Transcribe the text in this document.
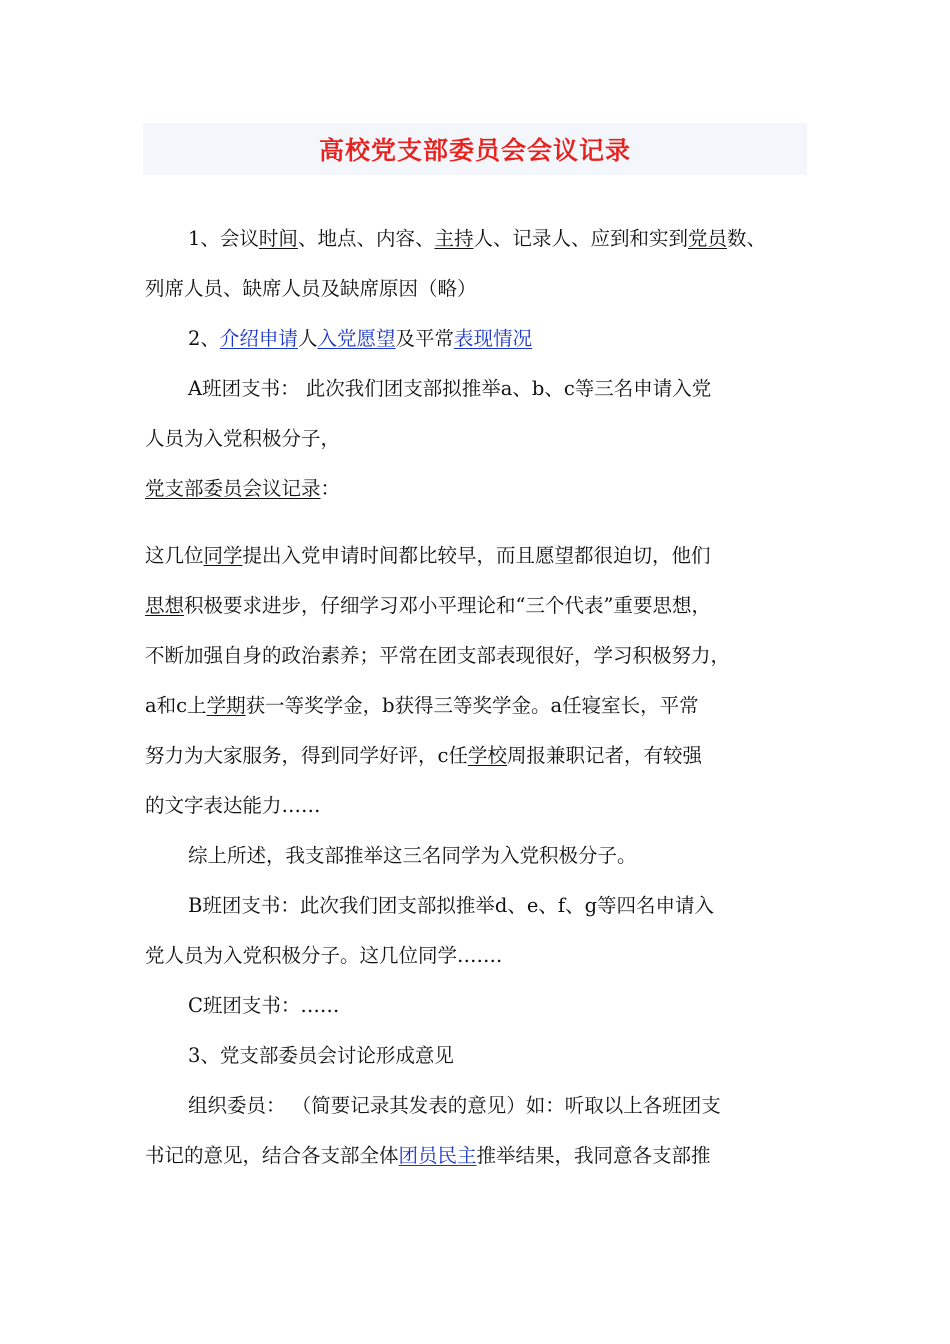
高校党支部委员会会议记录
1、会议时间、地点、内容、主持人、记录人、应到和实到党员数、
列席人员、缺席人员及缺席原因（略）
2、介绍申请人入党愿望及平常表现情况
A班团支书： 此次我们团支部拟推举a、b、c等三名申请入党
人员为入党积极分子，
党支部委员会议记录：
这几位同学提出入党申请时间都比较早，而且愿望都很迫切，他们
思想积极要求进步，仔细学习邓小平理论和“三个代表”重要思想，
不断加强自身的政治素养；平常在团支部表现很好，学习积极努力，
a和c上学期获一等奖学金，b获得三等奖学金。a任寝室长，平常
努力为大家服务，得到同学好评，c任学校周报兼职记者，有较强
的文字表达能力……
综上所述，我支部推举这三名同学为入党积极分子。
B班团支书：此次我们团支部拟推举d、e、f、g等四名申请入
党人员为入党积极分子。这几位同学…….
C班团支书：……
3、党支部委员会讨论形成意见
组织委员： （简要记录其发表的意见）如：听取以上各班团支
书记的意见，结合各支部全体团员民主推举结果，我同意各支部推
